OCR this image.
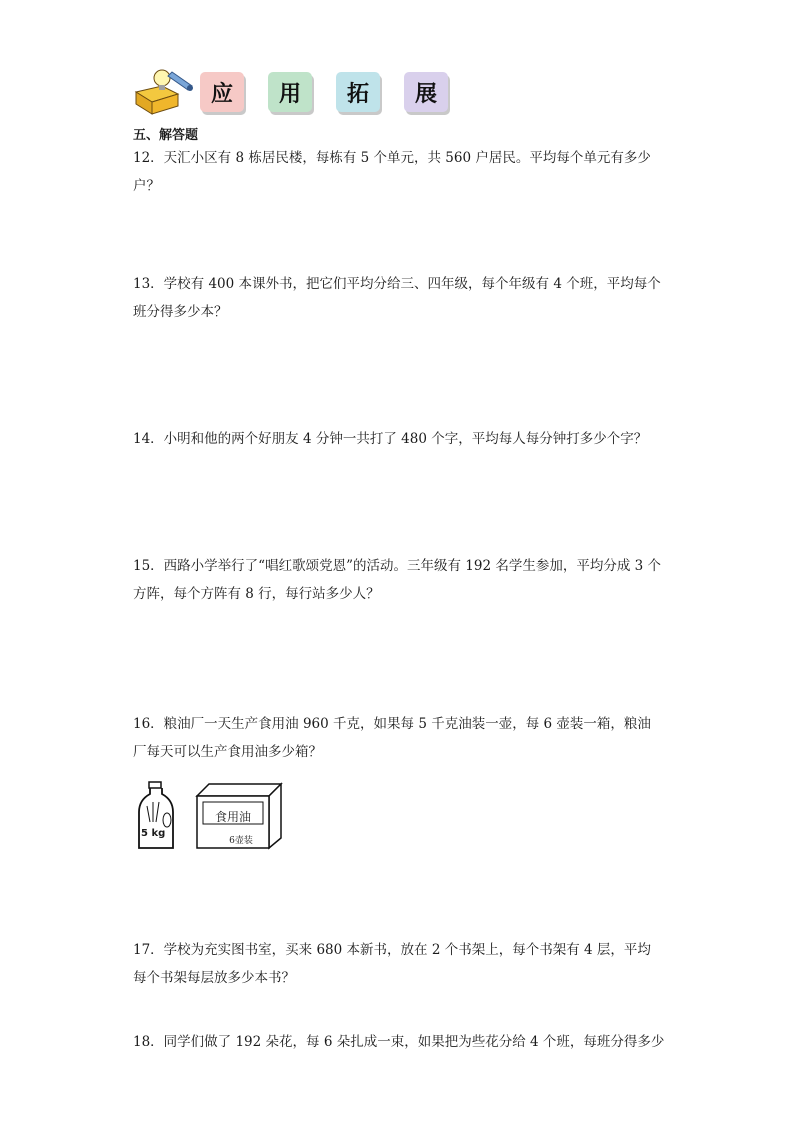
应	用	拓	展
五、解答题
12．天汇小区有 8 栋居民楼，每栋有 5 个单元，共 560 户居民。平均每个单元有多少户？
13．学校有 400 本课外书，把它们平均分给三、四年级，每个年级有 4 个班，平均每个班分得多少本？
14．小明和他的两个好朋友 4 分钟一共打了 480 个字，平均每人每分钟打多少个字？
15．西路小学举行了“唱红歌颂党恩”的活动。三年级有 192 名学生参加，平均分成 3 个方阵，每个方阵有 8 行，每行站多少人？
16．粮油厂一天生产食用油 960 千克，如果每 5 千克油装一壶，每 6 壶装一箱，粮油厂每天可以生产食用油多少箱？
5 kg
食用油
6壶装
17．学校为充实图书室，买来 680 本新书，放在 2 个书架上，每个书架有 4 层，平均每个书架每层放多少本书？
18．同学们做了 192 朵花，每 6 朵扎成一束，如果把为些花分给 4 个班，每班分得多少
